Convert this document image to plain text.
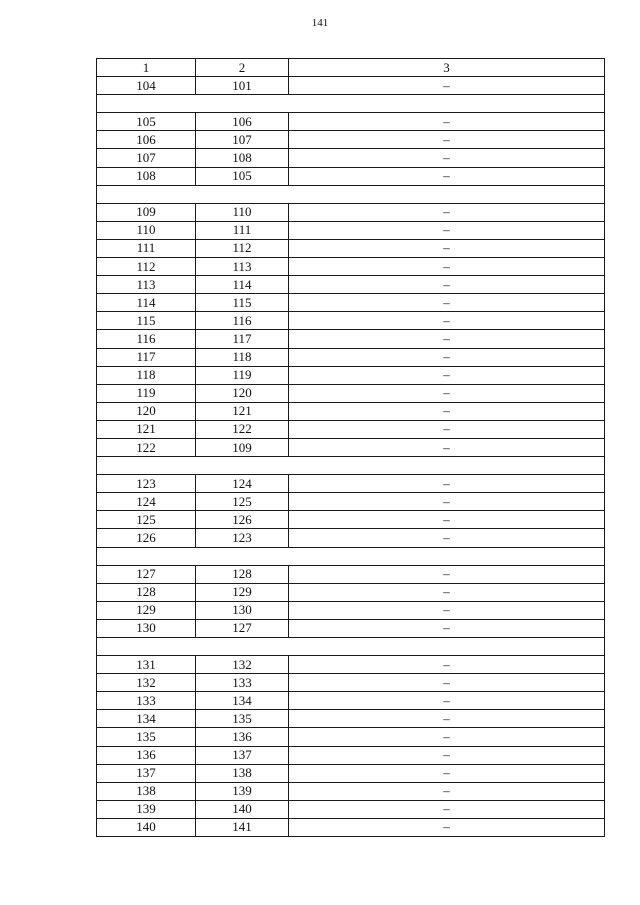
141
1	2	3
104	101	–

105	106	–
106	107	–
107	108	–
108	105	–

109	110	–
110	111	–
111	112	–
112	113	–
113	114	–
114	115	–
115	116	–
116	117	–
117	118	–
118	119	–
119	120	–
120	121	–
121	122	–
122	109	–

123	124	–
124	125	–
125	126	–
126	123	–

127	128	–
128	129	–
129	130	–
130	127	–

131	132	–
132	133	–
133	134	–
134	135	–
135	136	–
136	137	–
137	138	–
138	139	–
139	140	–
140	141	–
